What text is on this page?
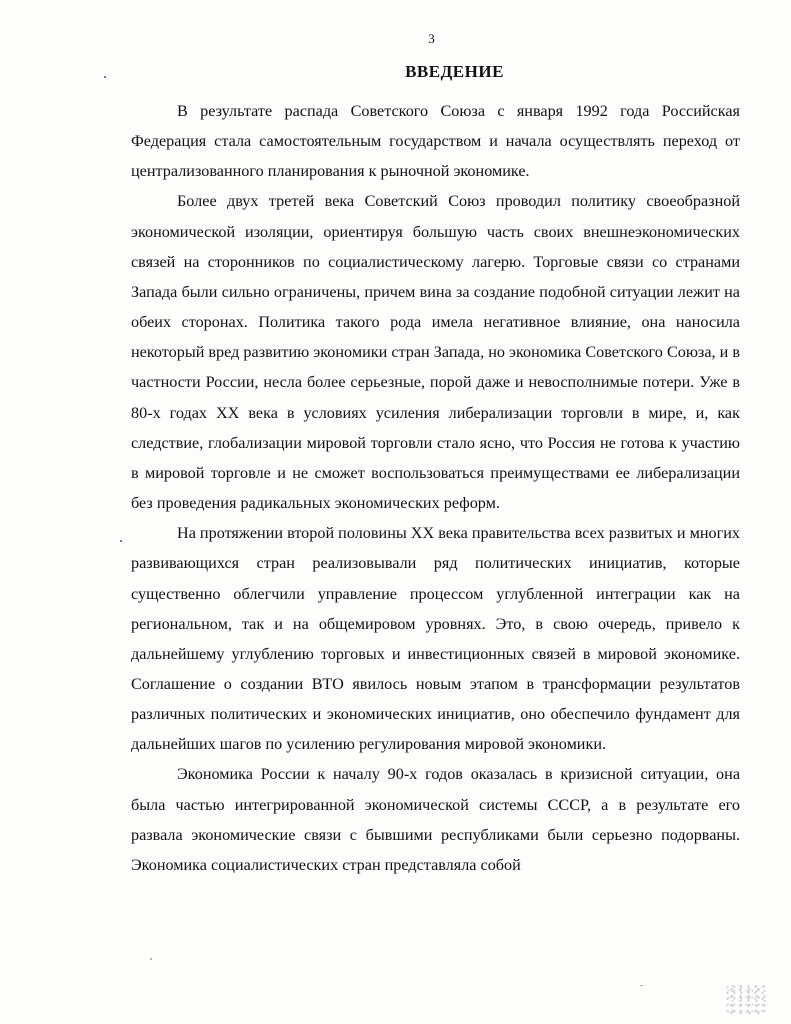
3
ВВЕДЕНИЕ

В результате распада Советского Союза с января 1992 года Российская Федерация стала самостоятельным государством и начала осуществлять переход от централизованного планирования к рыночной экономике.

Более двух третей века Советский Союз проводил политику своеобразной экономической изоляции, ориентируя большую часть своих внешнеэкономических связей на сторонников по социалистическому лагерю. Торговые связи со странами Запада были сильно ограничены, причем вина за создание подобной ситуации лежит на обеих сторонах. Политика такого рода имела негативное влияние, она наносила некоторый вред развитию экономики стран Запада, но экономика Советского Союза, и в частности России, несла более серьезные, порой даже и невосполнимые потери. Уже в 80-х годах XX века в условиях усиления либерализации торговли в мире, и, как следствие, глобализации мировой торговли стало ясно, что Россия не готова к участию в мировой торговле и не сможет воспользоваться преимуществами ее либерализации без проведения радикальных экономических реформ.

На протяжении второй половины XX века правительства всех развитых и многих развивающихся стран реализовывали ряд политических инициатив, которые существенно облегчили управление процессом углубленной интеграции как на региональном, так и на общемировом уровнях. Это, в свою очередь, привело к дальнейшему углублению торговых и инвестиционных связей в мировой экономике. Соглашение о создании ВТО явилось новым этапом в трансформации результатов различных политических и экономических инициатив, оно обеспечило фундамент для дальнейших шагов по усилению регулирования мировой экономики.

Экономика России к началу 90-х годов оказалась в кризисной ситуации, она была частью интегрированной экономической системы СССР, а в результате его развала экономические связи с бывшими республиками были серьезно подорваны. Экономика социалистических стран представляла собой
